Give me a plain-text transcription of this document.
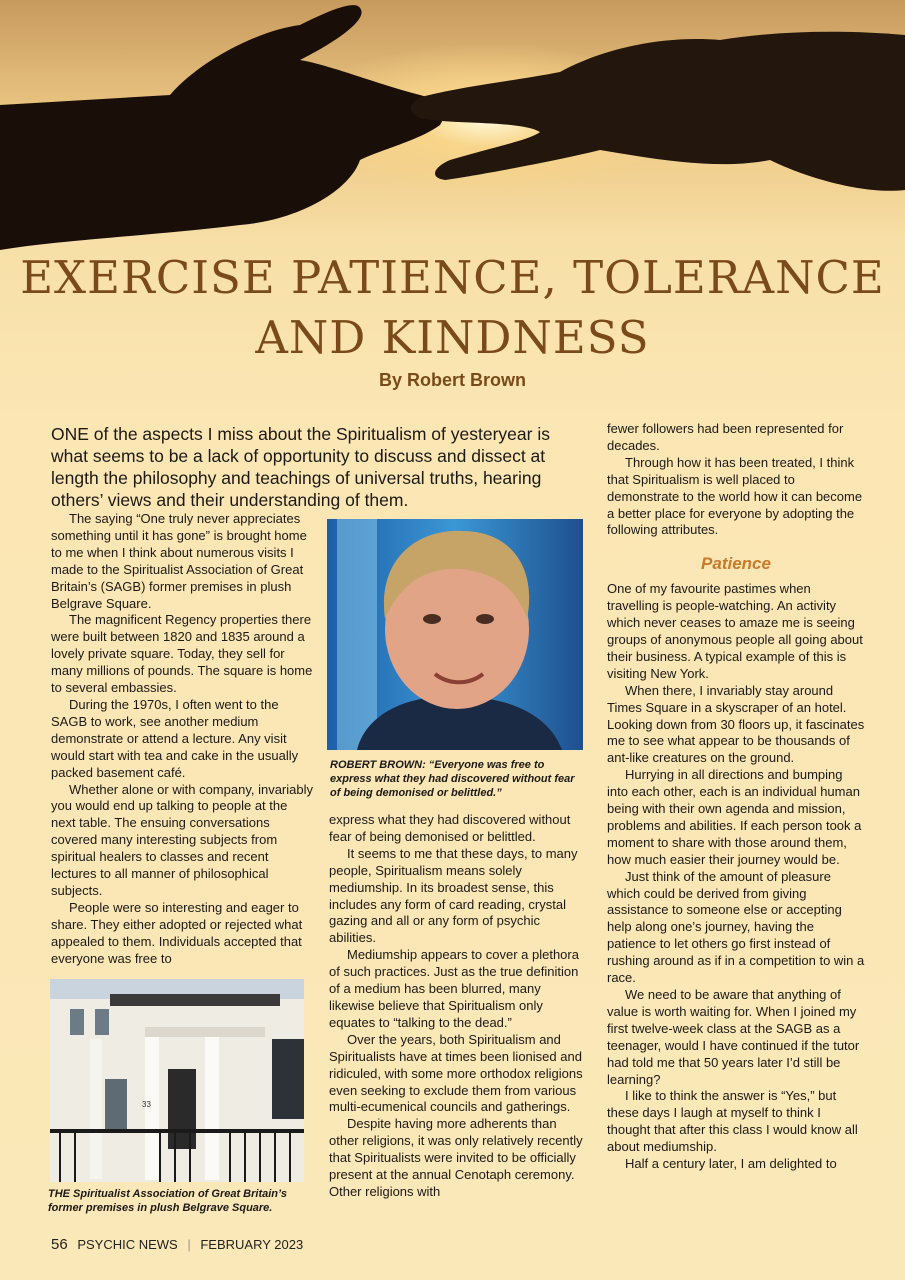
EXERCISE PATIENCE, TOLERANCE
AND KINDNESS
By Robert Brown
ONE of the aspects I miss about the Spiritualism of yesteryear is what seems to be a lack of opportunity to discuss and dissect at length the philosophy and teachings of universal truths, hearing others’ views and their understanding of them.

The saying “One truly never appreciates something until it has gone” is brought home to me when I think about numerous visits I made to the Spiritualist Association of Great Britain’s (SAGB) former premises in plush Belgrave Square.

The magnificent Regency properties there were built between 1820 and 1835 around a lovely private square. Today, they sell for many millions of pounds. The square is home to several embassies.

During the 1970s, I often went to the SAGB to work, see another medium demonstrate or attend a lecture. Any visit would start with tea and cake in the usually packed basement café.

Whether alone or with company, invariably you would end up talking to people at the next table. The ensuing conversations covered many interesting subjects from spiritual healers to classes and recent lectures to all manner of philosophical subjects.

People were so interesting and eager to share. They either adopted or rejected what appealed to them. Individuals accepted that everyone was free to

ROBERT BROWN: “Everyone was free to express what they had discovered without fear of being demonised or belittled.”

express what they had discovered without fear of being demonised or belittled.

It seems to me that these days, to many people, Spiritualism means solely mediumship. In its broadest sense, this includes any form of card reading, crystal gazing and all or any form of psychic abilities.

Mediumship appears to cover a plethora of such practices. Just as the true definition of a medium has been blurred, many likewise believe that Spiritualism only equates to “talking to the dead.”

Over the years, both Spiritualism and Spiritualists have at times been lionised and ridiculed, with some more orthodox religions even seeking to exclude them from various multi-ecumenical councils and gatherings.

Despite having more adherents than other religions, it was only relatively recently that Spiritualists were invited to be officially present at the annual Cenotaph ceremony. Other religions with

fewer followers had been represented for decades.

Through how it has been treated, I think that Spiritualism is well placed to demonstrate to the world how it can become a better place for everyone by adopting the following attributes.

Patience

One of my favourite pastimes when travelling is people-watching. An activity which never ceases to amaze me is seeing groups of anonymous people all going about their business. A typical example of this is visiting New York.

When there, I invariably stay around Times Square in a skyscraper of an hotel. Looking down from 30 floors up, it fascinates me to see what appear to be thousands of ant-like creatures on the ground.

Hurrying in all directions and bumping into each other, each is an individual human being with their own agenda and mission, problems and abilities. If each person took a moment to share with those around them, how much easier their journey would be.

Just think of the amount of pleasure which could be derived from giving assistance to someone else or accepting help along one’s journey, having the patience to let others go first instead of rushing around as if in a competition to win a race.

We need to be aware that anything of value is worth waiting for. When I joined my first twelve-week class at the SAGB as a teenager, would I have continued if the tutor had told me that 50 years later I’d still be learning?

I like to think the answer is “Yes,” but these days I laugh at myself to think I thought that after this class I would know all about mediumship.

Half a century later, I am delighted to

33
THE Spiritualist Association of Great Britain’s former premises in plush Belgrave Square.
56 PSYCHIC NEWS | FEBRUARY 2023
